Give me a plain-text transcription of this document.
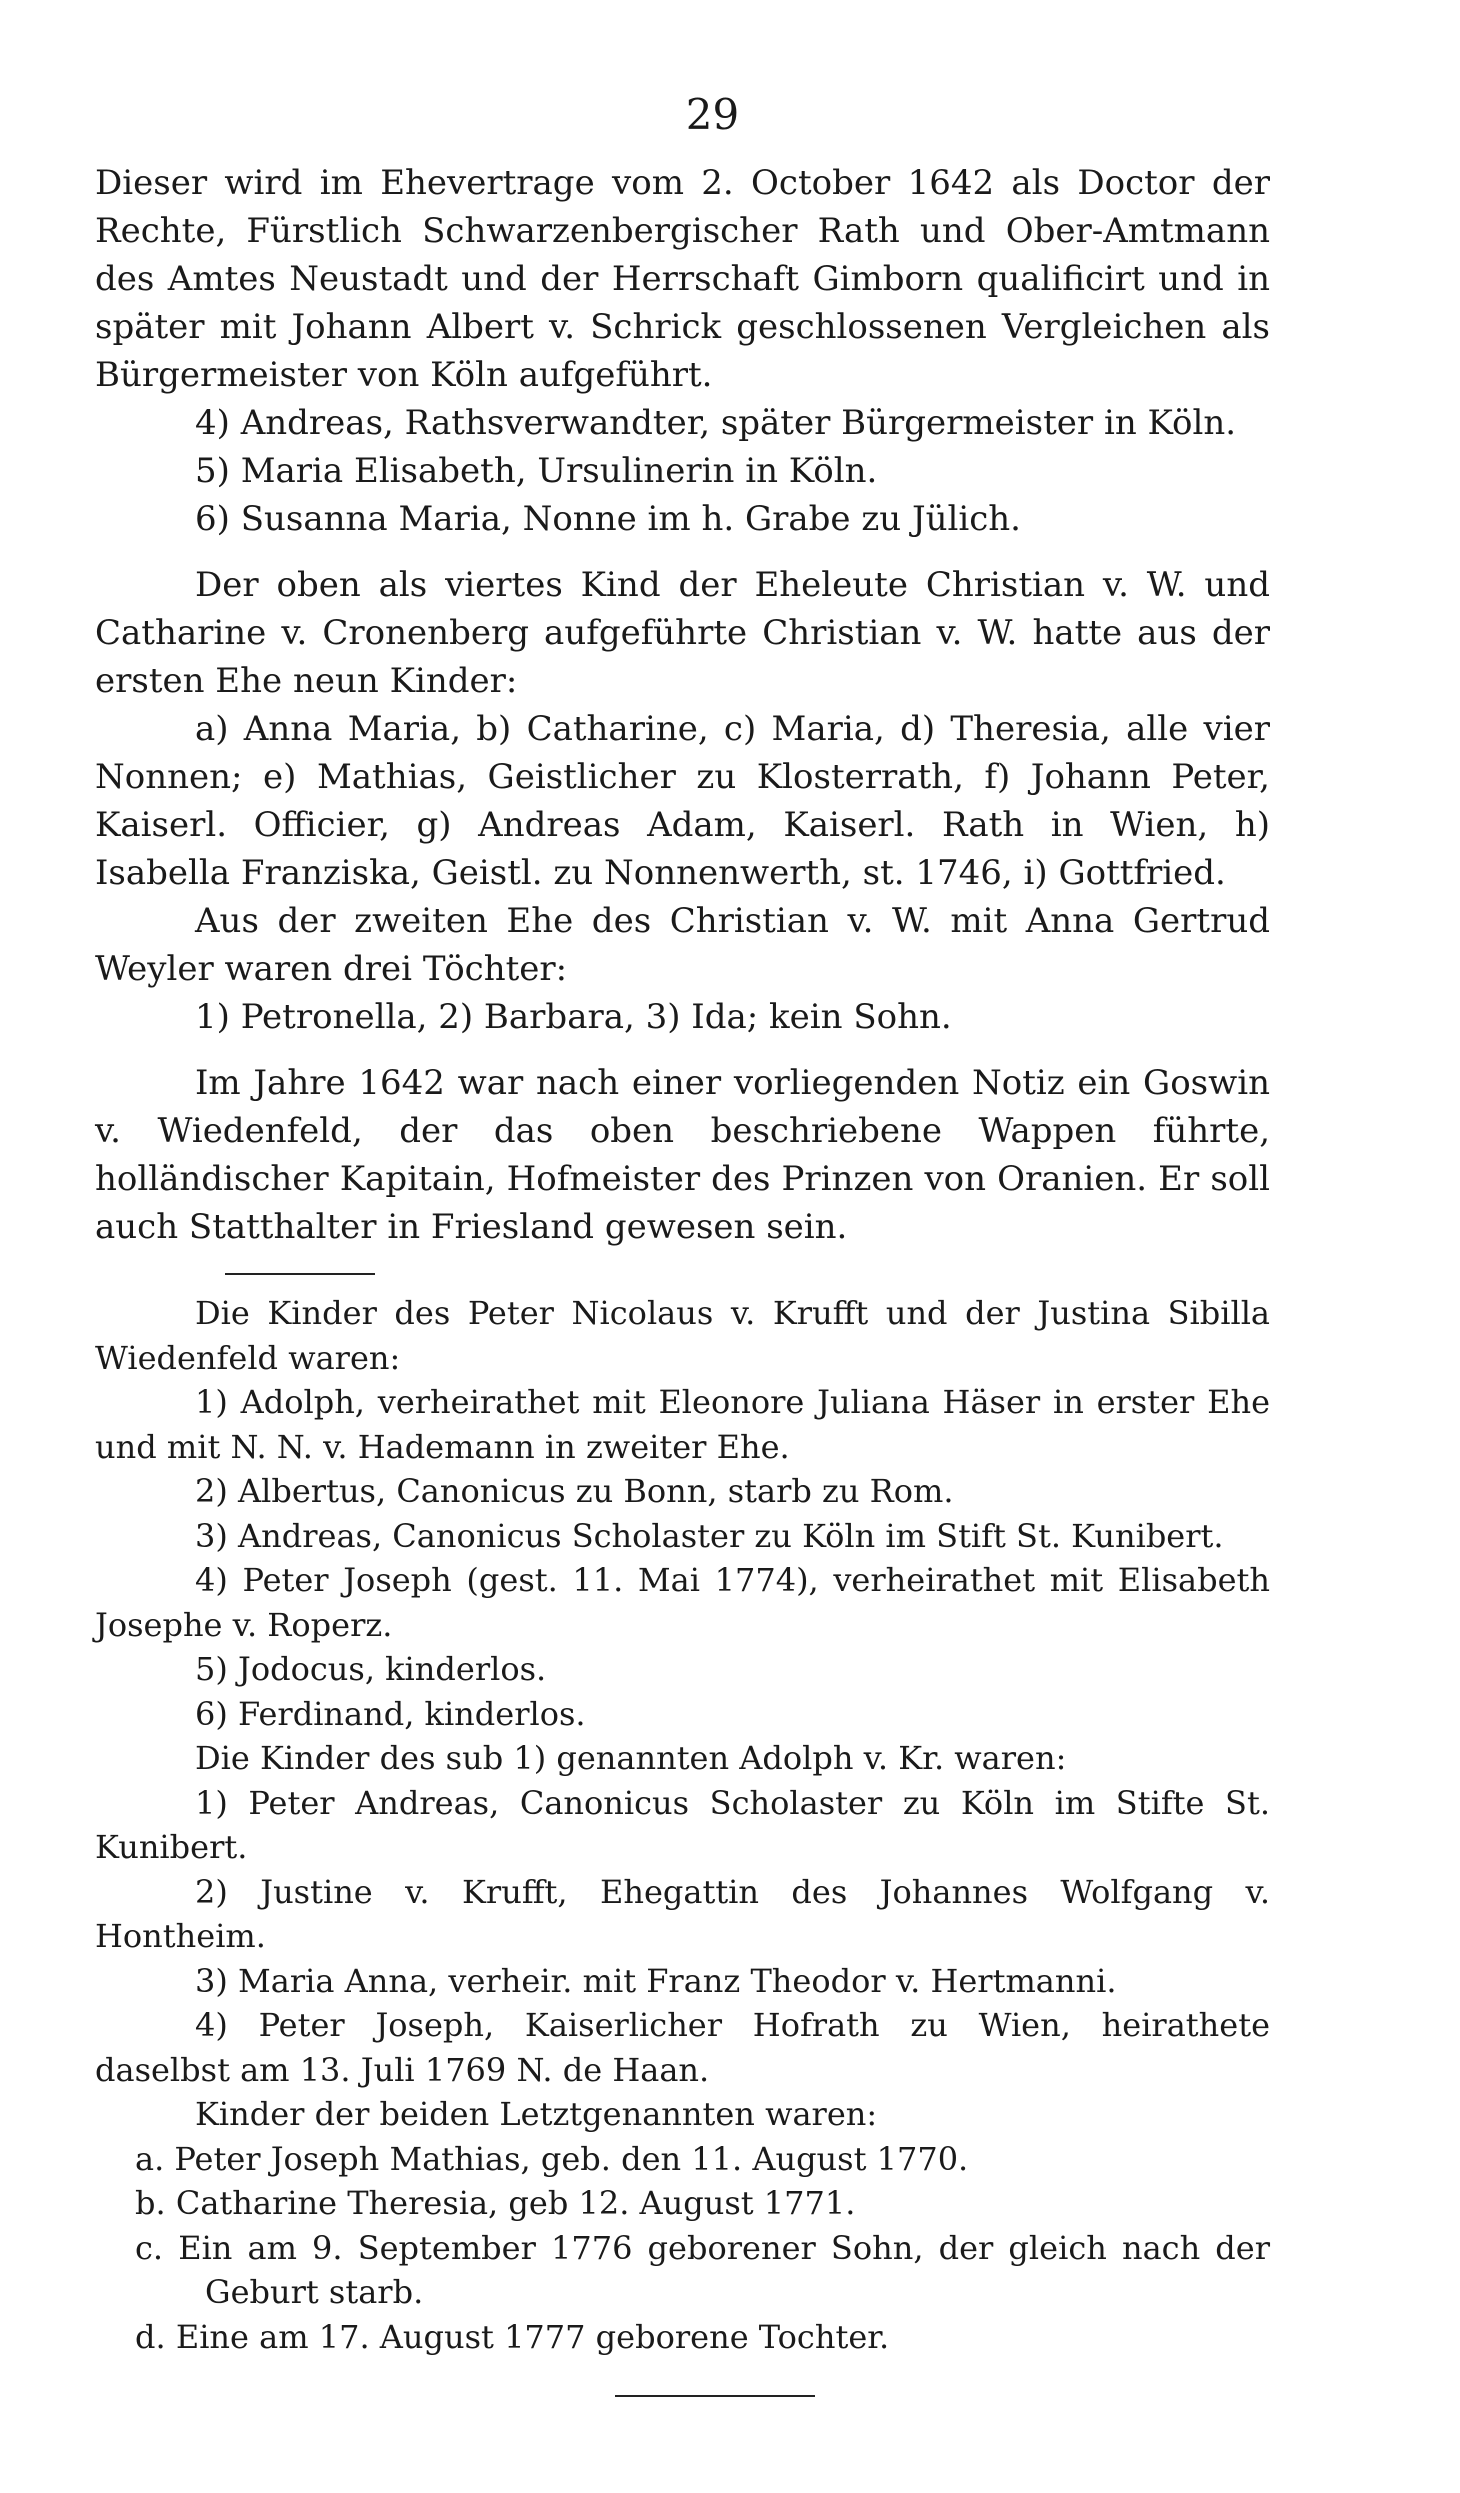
29

Dieser wird im Ehevertrage vom 2. October 1642 als Doctor der Rechte, Fürstlich Schwarzenbergischer Rath und Ober-Amtmann des Amtes Neustadt und der Herrschaft Gimborn qualificirt und in später mit Johann Albert v. Schrick geschlossenen Vergleichen als Bürgermeister von Köln aufgeführt.

4) Andreas, Rathsverwandter, später Bürgermeister in Köln.

5) Maria Elisabeth, Ursulinerin in Köln.

6) Susanna Maria, Nonne im h. Grabe zu Jülich.

Der oben als viertes Kind der Eheleute Christian v. W. und Catharine v. Cronenberg aufgeführte Christian v. W. hatte aus der ersten Ehe neun Kinder:

a) Anna Maria, b) Catharine, c) Maria, d) Theresia, alle vier Nonnen; e) Mathias, Geistlicher zu Klosterrath, f) Johann Peter, Kaiserl. Officier, g) Andreas Adam, Kaiserl. Rath in Wien, h) Isabella Franziska, Geistl. zu Nonnenwerth, st. 1746, i) Gottfried.

Aus der zweiten Ehe des Christian v. W. mit Anna Gertrud Weyler waren drei Töchter:

1) Petronella, 2) Barbara, 3) Ida; kein Sohn.

Im Jahre 1642 war nach einer vorliegenden Notiz ein Goswin v. Wiedenfeld, der das oben beschriebene Wappen führte, holländischer Kapitain, Hofmeister des Prinzen von Oranien. Er soll auch Statthalter in Friesland gewesen sein.

Die Kinder des Peter Nicolaus v. Krufft und der Justina Sibilla Wiedenfeld waren:

1) Adolph, verheirathet mit Eleonore Juliana Häser in erster Ehe und mit N. N. v. Hademann in zweiter Ehe.

2) Albertus, Canonicus zu Bonn, starb zu Rom.

3) Andreas, Canonicus Scholaster zu Köln im Stift St. Kunibert.

4) Peter Joseph (gest. 11. Mai 1774), verheirathet mit Elisabeth Josephe v. Roperz.

5) Jodocus, kinderlos.

6) Ferdinand, kinderlos.

Die Kinder des sub 1) genannten Adolph v. Kr. waren:

1) Peter Andreas, Canonicus Scholaster zu Köln im Stifte St. Kunibert.

2) Justine v. Krufft, Ehegattin des Johannes Wolfgang v. Hontheim.

3) Maria Anna, verheir. mit Franz Theodor v. Hertmanni.

4) Peter Joseph, Kaiserlicher Hofrath zu Wien, heirathete daselbst am 13. Juli 1769 N. de Haan.

Kinder der beiden Letztgenannten waren:

a. Peter Joseph Mathias, geb. den 11. August 1770.

b. Catharine Theresia, geb 12. August 1771.

c. Ein am 9. September 1776 geborener Sohn, der gleich nach der Geburt starb.

d. Eine am 17. August 1777 geborene Tochter.
